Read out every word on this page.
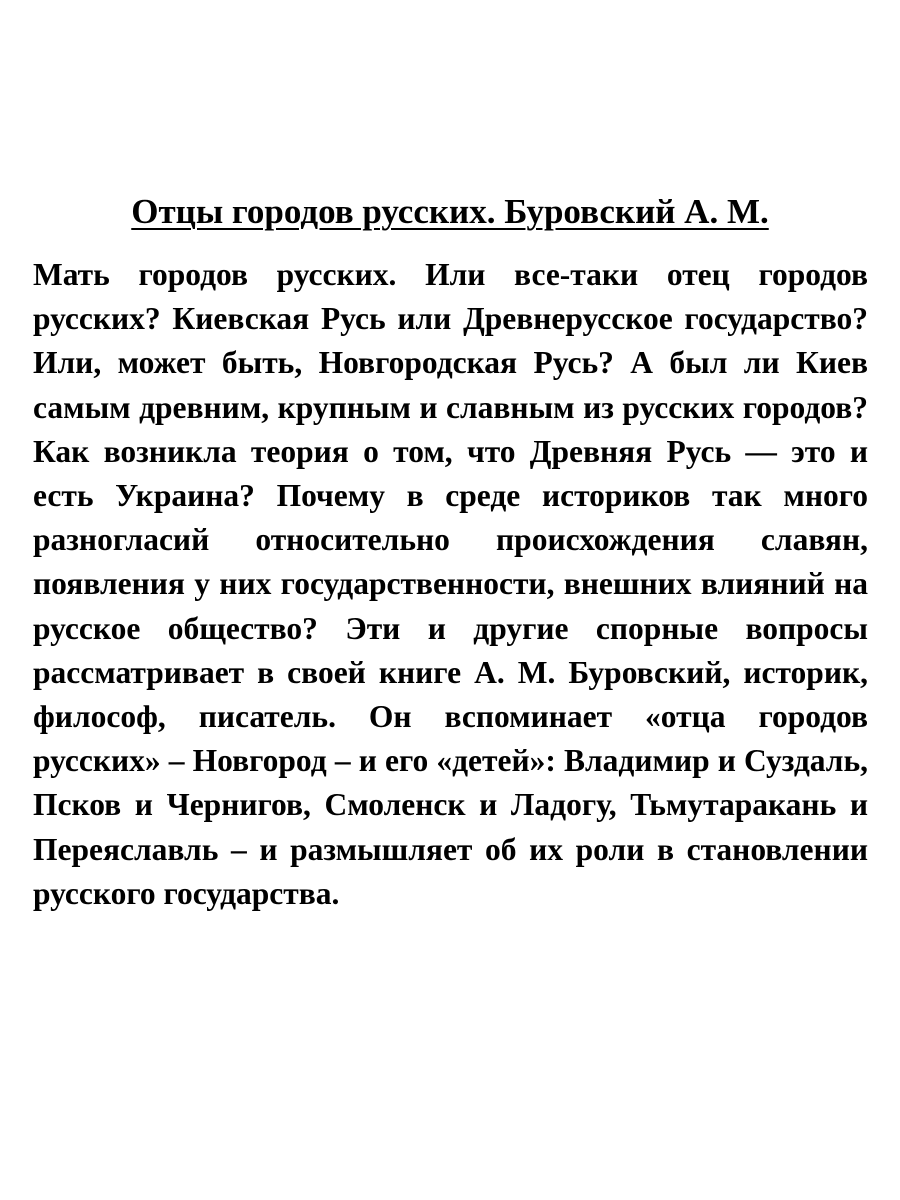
Отцы городов русских. Буровский А. М.

Мать городов русских. Или все-таки отец городов русских? Киевская Русь или Древнерусское государство? Или, может быть, Новгородская Русь? А был ли Киев самым древним, крупным и славным из русских городов? Как возникла теория о том, что Древняя Русь — это и есть Украина? Почему в среде историков так много разногласий относительно происхождения славян, появления у них государственности, внешних влияний на русское общество? Эти и другие спорные вопросы рассматривает в своей книге А. М. Буровский, историк, философ, писатель. Он вспоминает «отца городов русских» – Новгород – и его «детей»: Владимир и Суздаль, Псков и Чернигов, Смоленск и Ладогу, Тьмутаракань и Переяславль – и размышляет об их роли в становлении русского государства.
